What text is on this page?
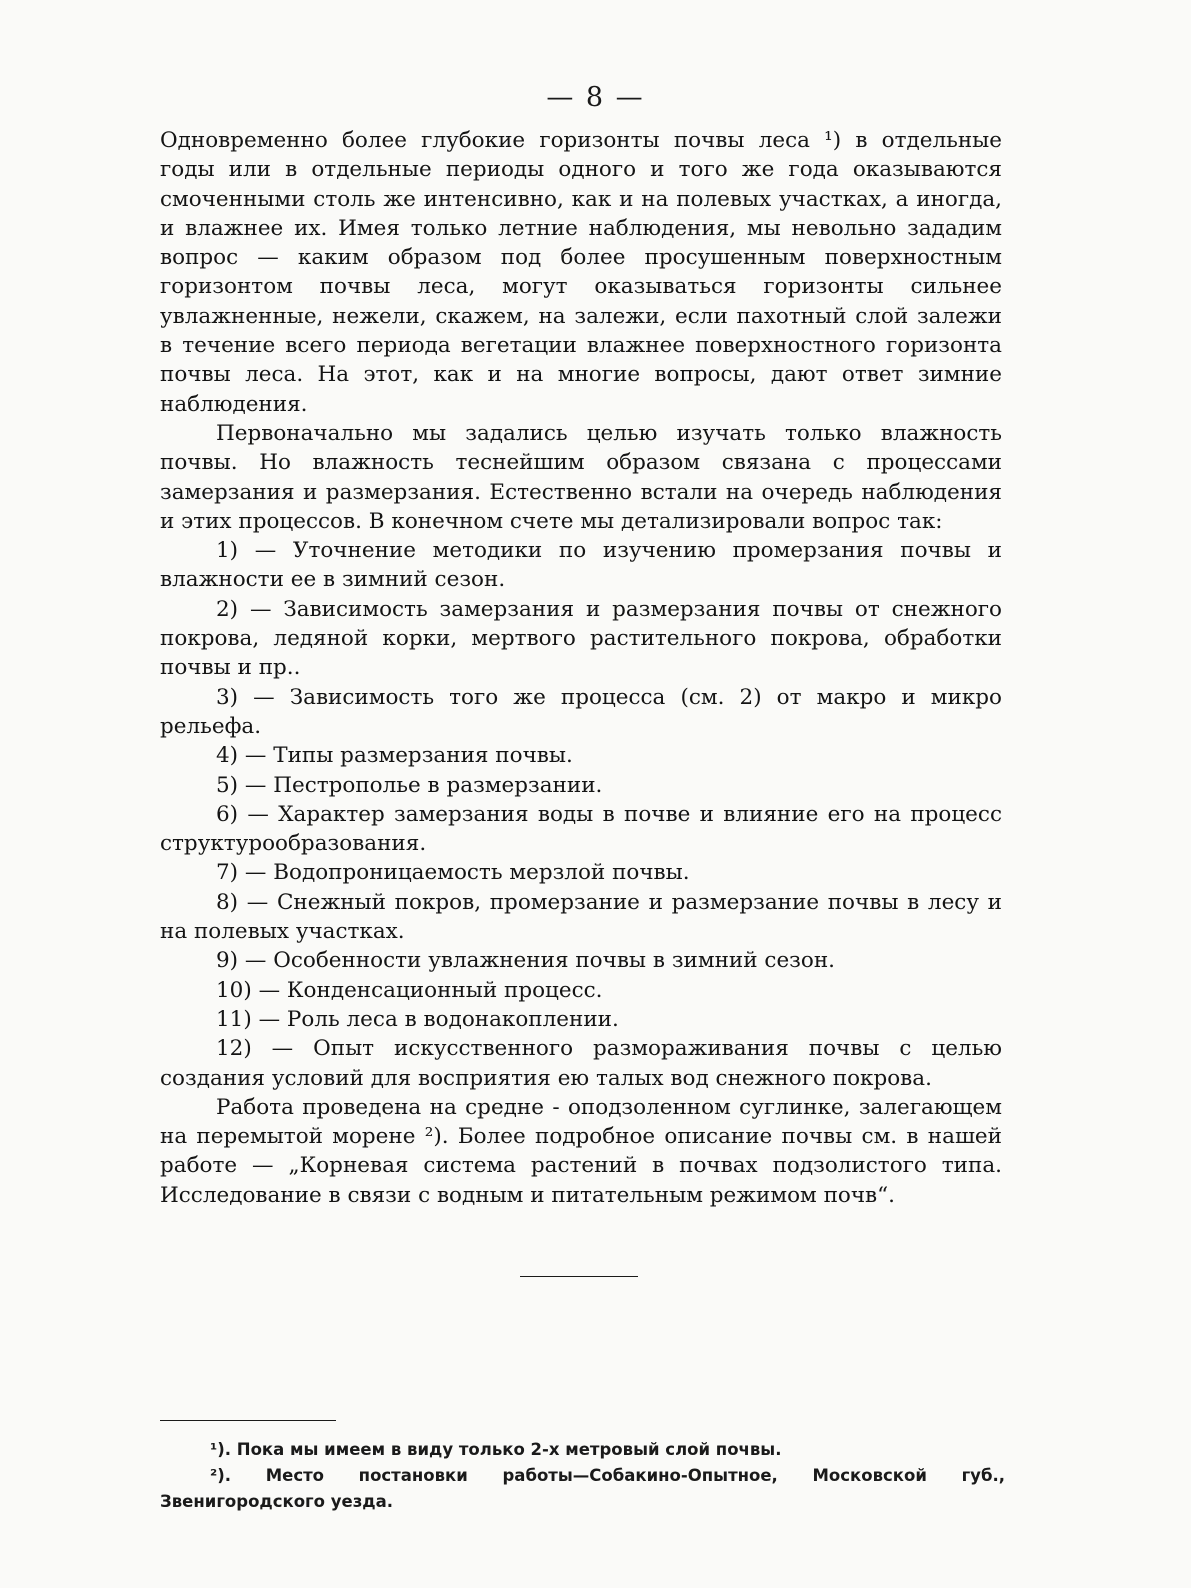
— 8 —

Одновременно более глубокие горизонты почвы леса ¹) в отдельные годы или в отдельные периоды одного и того же года оказываются смоченными столь же интенсивно, как и на полевых участках, а иногда, и влажнее их. Имея только летние наблюдения, мы невольно зададим вопрос — каким образом под более просушенным поверхностным горизонтом почвы леса, могут оказываться горизонты сильнее увлажненные, нежели, скажем, на залежи, если пахотный слой залежи в течение всего периода вегетации влажнее поверхностного горизонта почвы леса. На этот, как и на многие вопросы, дают ответ зимние наблюдения.

Первоначально мы задались целью изучать только влажность почвы. Но влажность теснейшим образом связана с процессами замерзания и размерзания. Естественно встали на очередь наблюдения и этих процессов. В конечном счете мы детализировали вопрос так:

1) — Уточнение методики по изучению промерзания почвы и влажности ее в зимний сезон.

2) — Зависимость замерзания и размерзания почвы от снежного покрова, ледяной корки, мертвого растительного покрова, обработки почвы и пр..

3) — Зависимость того же процесса (см. 2) от макро и микро рельефа.

4) — Типы размерзания почвы.

5) — Пестрополье в размерзании.

6) — Характер замерзания воды в почве и влияние его на процесс структурообразования.

7) — Водопроницаемость мерзлой почвы.

8) — Снежный покров, промерзание и размерзание почвы в лесу и на полевых участках.

9) — Особенности увлажнения почвы в зимний сезон.

10) — Конденсационный процесс.

11) — Роль леса в водонакоплении.

12) — Опыт искусственного размораживания почвы с целью создания условий для восприятия ею талых вод снежного покрова.

Работа проведена на средне - оподзоленном суглинке, залегающем на перемытой морене ²). Более подробное описание почвы см. в нашей работе — „Корневая система растений в почвах подзолистого типа. Исследование в связи с водным и питательным режимом почв“.

¹). Пока мы имеем в виду только 2-х метровый слой почвы.

²). Место постановки работы—Собакино-Опытное, Московской губ., Звенигородского уезда.
